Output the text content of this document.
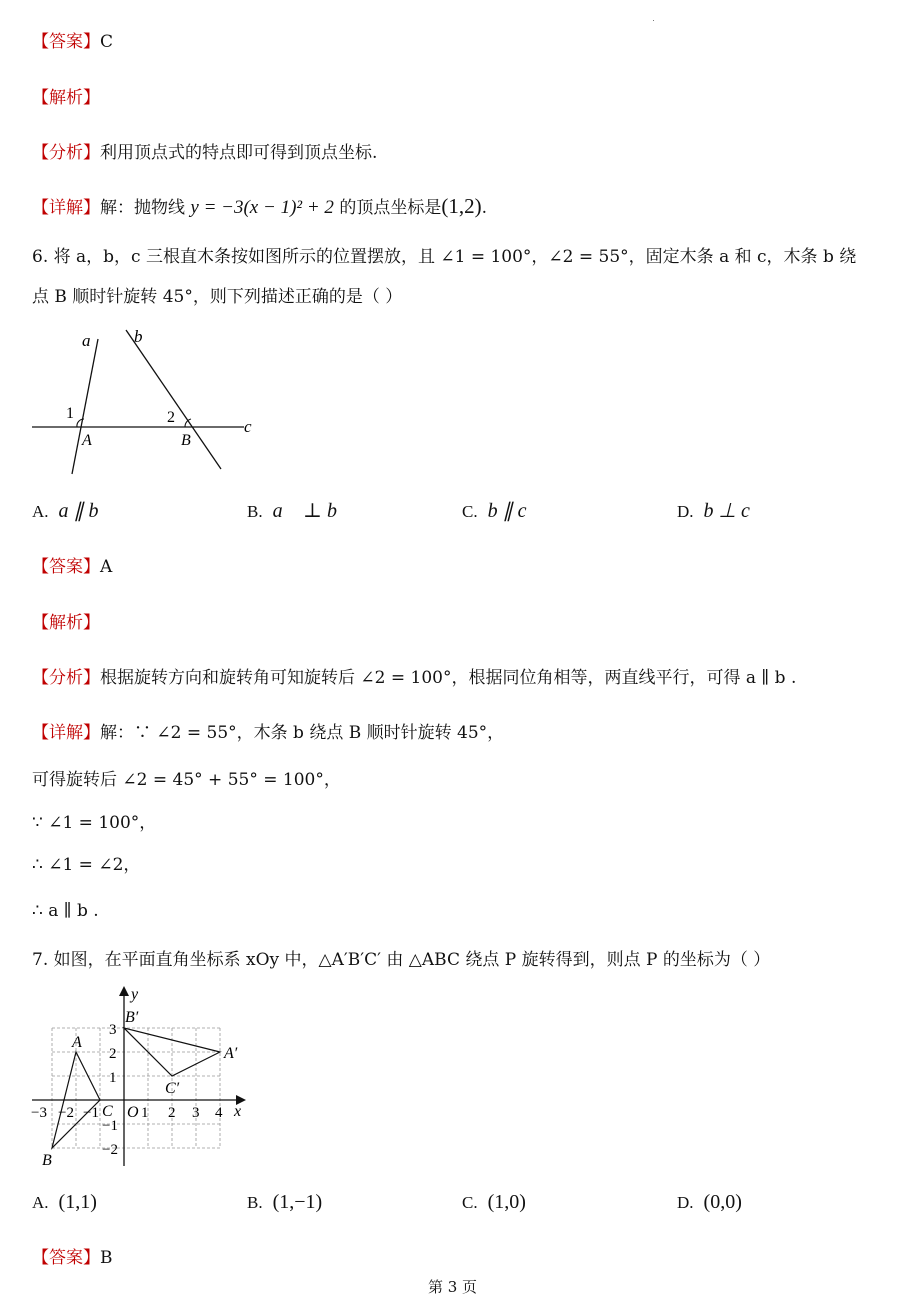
【答案】C
【解析】
【分析】利用顶点式的特点即可得到顶点坐标.
【详解】解：抛物线 y = −3(x − 1)² + 2 的顶点坐标是(1,2).
6. 将 a，b，c 三根直木条按如图所示的位置摆放，且 ∠1 = 100°，∠2 = 55°，固定木条 a 和 c，木条 b 绕
点 B 顺时针旋转 45°，则下列描述正确的是（ ）
a	b
c
1	2
A	B
A. a ∥ b	B. a⃗ ⊥ b⃗	C. b ∥ c	D. b ⊥ c
【答案】A
【解析】
【分析】根据旋转方向和旋转角可知旋转后 ∠2 = 100°，根据同位角相等，两直线平行，可得 a ∥ b .
【详解】解：∵ ∠2 = 55°，木条 b 绕点 B 顺时针旋转 45°，
可得旋转后 ∠2 = 45° + 55° = 100°，
∵ ∠1 = 100°，
∴ ∠1 = ∠2，
∴ a ∥ b .
7. 如图，在平面直角坐标系 xOy 中，△A′B′C′ 由 △ABC 绕点 P 旋转得到，则点 P 的坐标为（ ）
−3 −2 −1	1 2 3 4
3
2
1
−1
−2
x
y
O
A
B
C
A′
B′
C′
A. (1,1)	B. (1,−1)	C. (1,0)	D. (0,0)
【答案】B
第 3 页
